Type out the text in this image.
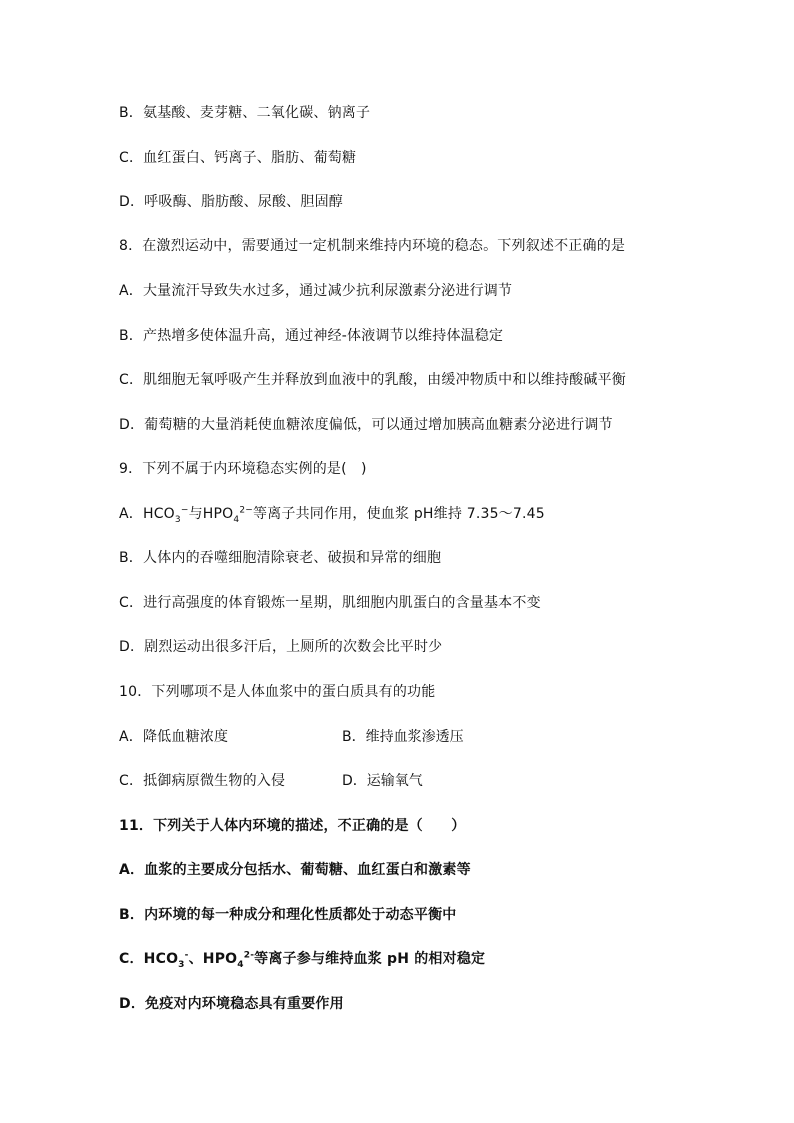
B．氨基酸、麦芽糖、二氧化碳、钠离子
C．血红蛋白、钙离子、脂肪、葡萄糖
D．呼吸酶、脂肪酸、尿酸、胆固醇
8．在激烈运动中，需要通过一定机制来维持内环境的稳态。下列叙述不正确的是
A．大量流汗导致失水过多，通过减少抗利尿激素分泌进行调节
B．产热增多使体温升高，通过神经-体液调节以维持体温稳定
C．肌细胞无氧呼吸产生并释放到血液中的乳酸，由缓冲物质中和以维持酸碱平衡
D．葡萄糖的大量消耗使血糖浓度偏低，可以通过增加胰高血糖素分泌进行调节
9．下列不属于内环境稳态实例的是(　)
A．$HCO_3^-$与$HPO_4^{2-}$等离子共同作用，使血浆 pH维持 7.35～7.45
B．人体内的吞噬细胞清除衰老、破损和异常的细胞
C．进行高强度的体育锻炼一星期，肌细胞内肌蛋白的含量基本不变
D．剧烈运动出很多汗后，上厕所的次数会比平时少
10．下列哪项不是人体血浆中的蛋白质具有的功能
A．降低血糖浓度	B．维持血浆渗透压
C．抵御病原微生物的入侵	D．运输氧气
11．下列关于人体内环境的描述，不正确的是（　　）
A．血浆的主要成分包括水、葡萄糖、血红蛋白和激素等
B．内环境的每一种成分和理化性质都处于动态平衡中
C．$HCO_3^-$、$HPO_4^{2-}$等离子参与维持血浆 pH 的相对稳定
D．免疫对内环境稳态具有重要作用
